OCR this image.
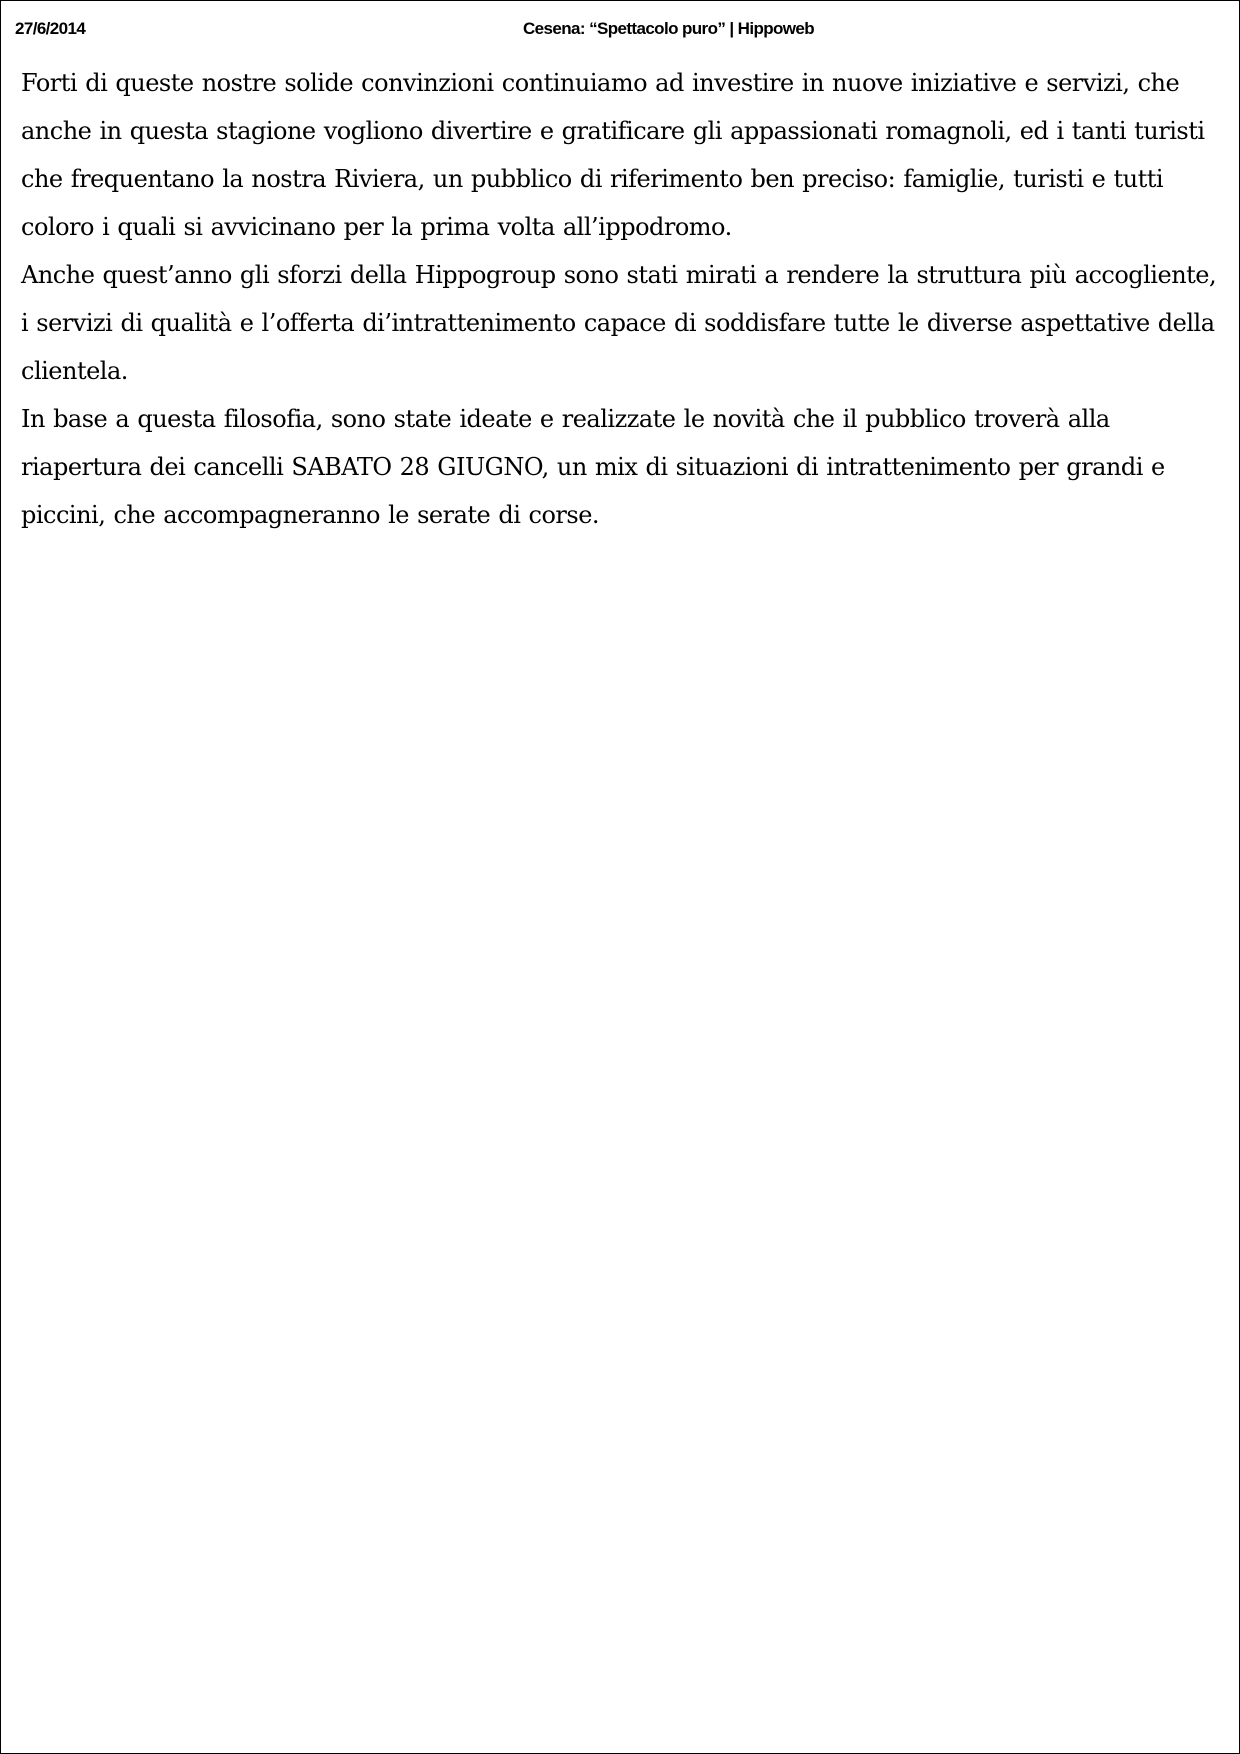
27/6/2014	Cesena: “Spettacolo puro” | Hippoweb

Forti di queste nostre solide convinzioni continuiamo ad investire in nuove iniziative e servizi, che anche in questa stagione vogliono divertire e gratificare gli appassionati romagnoli, ed i tanti turisti che frequentano la nostra Riviera, un pubblico di riferimento ben preciso: famiglie, turisti e tutti coloro i quali si avvicinano per la prima volta all’ippodromo.

Anche quest’anno gli sforzi della Hippogroup sono stati mirati a rendere la struttura più accogliente, i servizi di qualità e l’offerta di’intrattenimento capace di soddisfare tutte le diverse aspettative della clientela.

In base a questa filosofia, sono state ideate e realizzate le novità che il pubblico troverà alla riapertura dei cancelli SABATO 28 GIUGNO, un mix di situazioni di intrattenimento per grandi e piccini, che accompagneranno le serate di corse.
